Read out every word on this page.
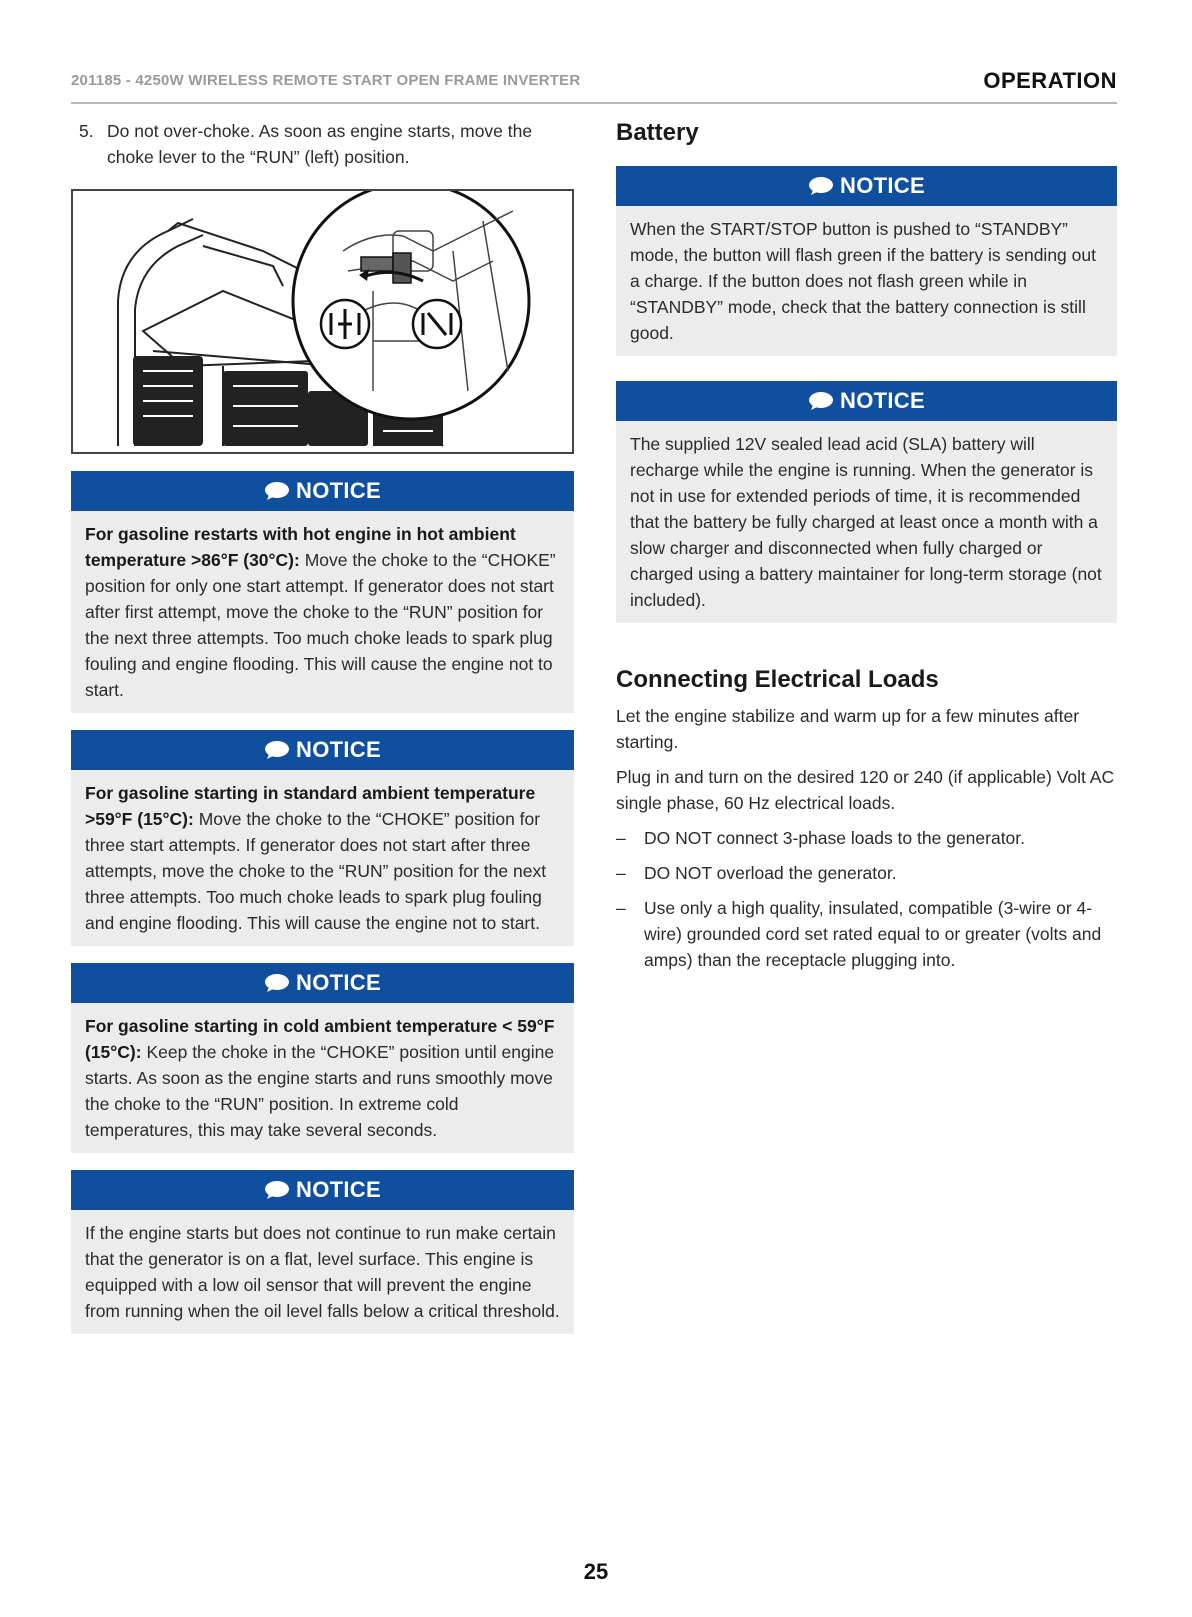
201185 - 4250W WIRELESS REMOTE START OPEN FRAME INVERTER	OPERATION
5. Do not over-choke. As soon as engine starts, move the choke lever to the “RUN” (left) position.
NOTICE
For gasoline restarts with hot engine in hot ambient temperature >86°F (30°C): Move the choke to the “CHOKE” position for only one start attempt. If generator does not start after first attempt, move the choke to the “RUN” position for the next three attempts. Too much choke leads to spark plug fouling and engine flooding. This will cause the engine not to start.
NOTICE
For gasoline starting in standard ambient temperature >59°F (15°C): Move the choke to the “CHOKE” position for three start attempts. If generator does not start after three attempts, move the choke to the “RUN” position for the next three attempts. Too much choke leads to spark plug fouling and engine flooding. This will cause the engine not to start.
NOTICE
For gasoline starting in cold ambient temperature < 59°F (15°C): Keep the choke in the “CHOKE” position until engine starts. As soon as the engine starts and runs smoothly move the choke to the “RUN” position. In extreme cold temperatures, this may take several seconds.
NOTICE
If the engine starts but does not continue to run make certain that the generator is on a flat, level surface. This engine is equipped with a low oil sensor that will prevent the engine from running when the oil level falls below a critical threshold.
Battery
NOTICE
When the START/STOP button is pushed to “STANDBY” mode, the button will flash green if the battery is sending out a charge. If the button does not flash green while in “STANDBY” mode, check that the battery connection is still good.
NOTICE
The supplied 12V sealed lead acid (SLA) battery will recharge while the engine is running. When the generator is not in use for extended periods of time, it is recommended that the battery be fully charged at least once a month with a slow charger and disconnected when fully charged or charged using a battery maintainer for long-term storage (not included).
Connecting Electrical Loads
Let the engine stabilize and warm up for a few minutes after starting.
Plug in and turn on the desired 120 or 240 (if applicable) Volt AC single phase, 60 Hz electrical loads.
–	DO NOT connect 3-phase loads to the generator.
–	DO NOT overload the generator.
–	Use only a high quality, insulated, compatible (3-wire or 4-wire) grounded cord set rated equal to or greater (volts and amps) than the receptacle plugging into.
25
